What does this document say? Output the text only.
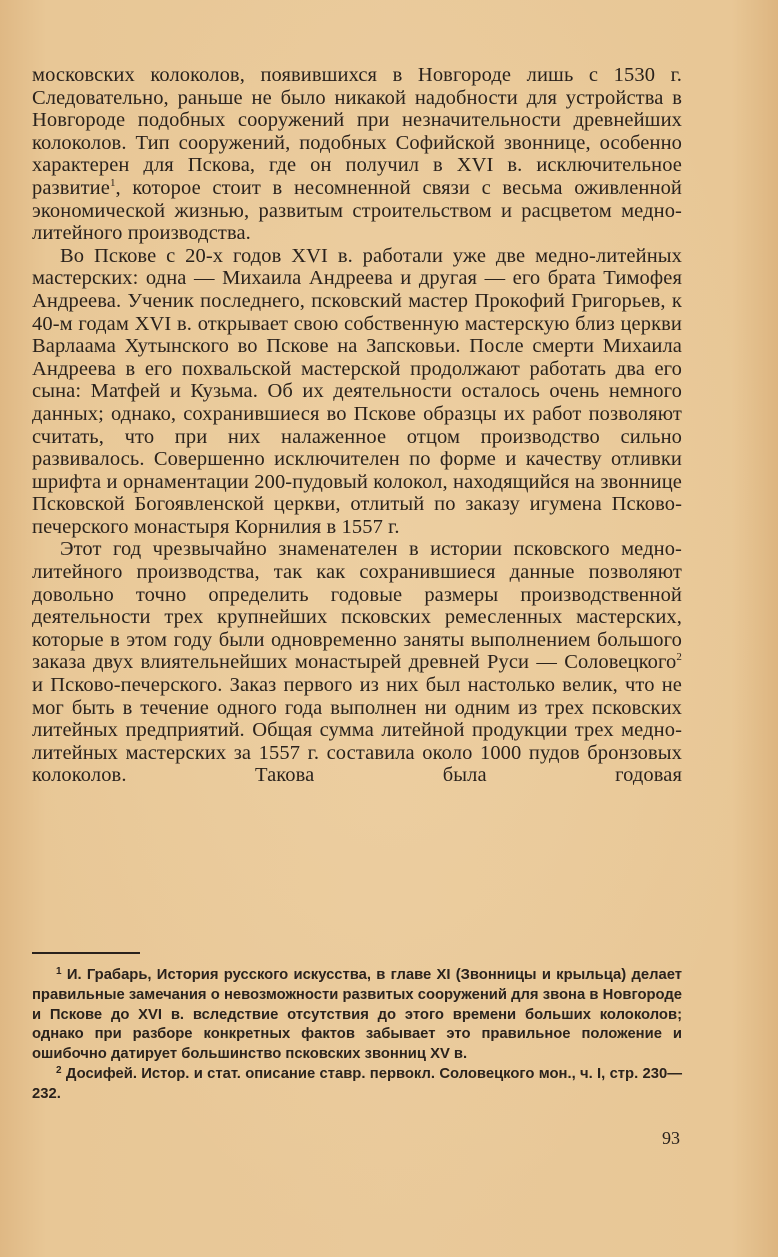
московских колоколов, появившихся в Новгороде лишь с 1530 г. Следовательно, раньше не было никакой надобности для устройства в Новгороде подобных сооружений при незначительности древнейших колоколов. Тип сооружений, подобных Софийской звоннице, особенно характерен для Пскова, где он получил в XVI в. исключительное развитие$^1$, которое стоит в несомненной связи с весьма оживленной экономической жизнью, развитым строительством и расцветом медно-литейного производства.

Во Пскове с 20-х годов XVI в. работали уже две медно-литейных мастерских: одна — Михаила Андреева и другая — его брата Тимофея Андреева. Ученик последнего, псковский мастер Прокофий Григорьев, к 40-м годам XVI в. открывает свою собственную мастерскую близ церкви Варлаама Хутынского во Пскове на Запсковьи. После смерти Михаила Андреева в его похвальской мастерской продолжают работать два его сына: Матфей и Кузьма. Об их деятельности осталось очень немного данных; однако, сохранившиеся во Пскове образцы их работ позволяют считать, что при них налаженное отцом производство сильно развивалось. Совершенно исключителен по форме и качеству отливки шрифта и орнаментации 200-пудовый колокол, находящийся на звоннице Псковской Богоявленской церкви, отлитый по заказу игумена Псково-печерского монастыря Корнилия в 1557 г.

Этот год чрезвычайно знаменателен в истории псковского медно-литейного производства, так как сохранившиеся данные позволяют довольно точно определить годовые размеры производственной деятельности трех крупнейших псковских ремесленных мастерских, которые в этом году были одновременно заняты выполнением большого заказа двух влиятельнейших монастырей древней Руси — Соловецкого$^2$ и Псково-печерского. Заказ первого из них был настолько велик, что не мог быть в течение одного года выполнен ни одним из трех псковских литейных предприятий. Общая сумма литейной продукции трех медно-литейных мастерских за 1557 г. составила около 1000 пудов бронзовых колоколов. Такова была годовая

$^1$ И. Грабарь, История русского искусства, в главе XI (Звонницы и крыльца) делает правильные замечания о невозможности развитых сооружений для звона в Новгороде и Пскове до XVI в. вследствие отсутствия до этого времени больших колоколов; однако при разборе конкретных фактов забывает это правильное положение и ошибочно датирует большинство псковских звонниц XV в.

$^2$ Досифей. Истор. и стат. описание ставр. первокл. Соловецкого мон., ч. I, стр. 230—232.

93
